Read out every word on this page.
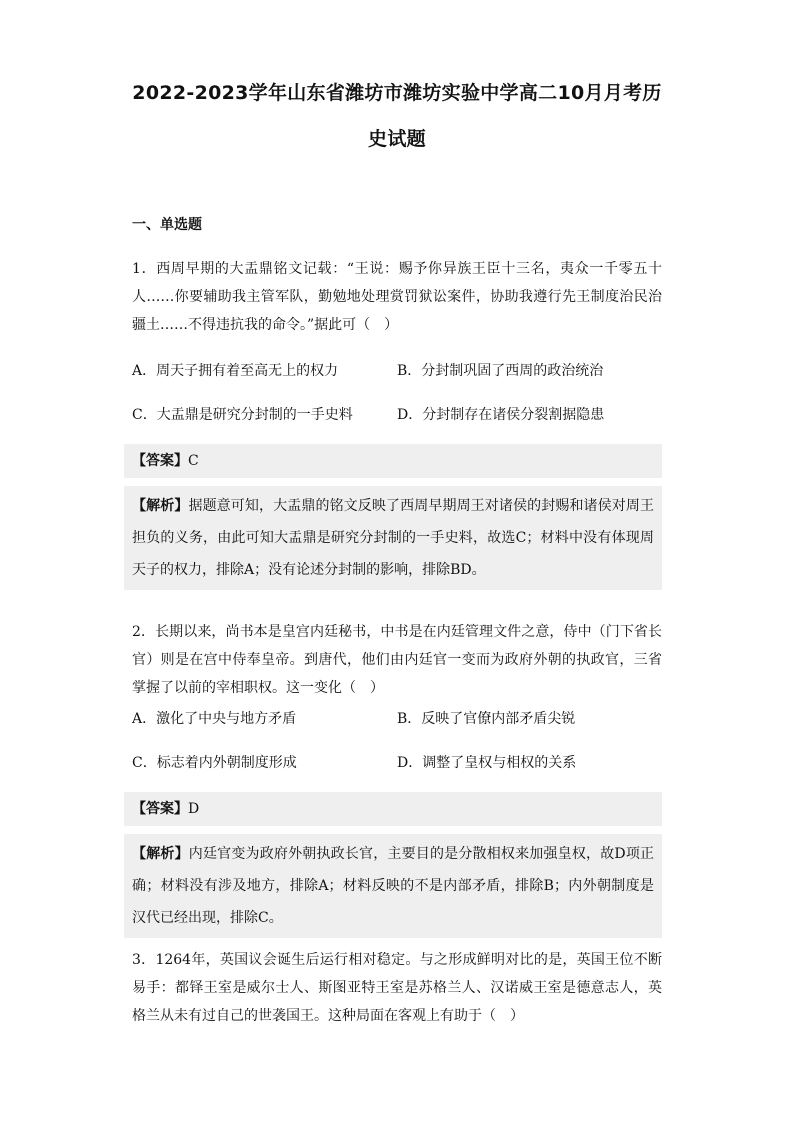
2022-2023学年山东省潍坊市潍坊实验中学高二10月月考历
史试题
一、单选题

1．西周早期的大盂鼎铭文记载：“王说：赐予你异族王臣十三名，夷众一千零五十人……你要辅助我主管军队，勤勉地处理赏罚狱讼案件，协助我遵行先王制度治民治疆土……不得违抗我的命令。”据此可（　）

A．周天子拥有着至高无上的权力	B．分封制巩固了西周的政治统治
C．大盂鼎是研究分封制的一手史料	D．分封制存在诸侯分裂割据隐患
【答案】C
【解析】据题意可知，大盂鼎的铭文反映了西周早期周王对诸侯的封赐和诸侯对周王担负的义务，由此可知大盂鼎是研究分封制的一手史料，故选C；材料中没有体现周天子的权力，排除A；没有论述分封制的影响，排除BD。

2．长期以来，尚书本是皇宫内廷秘书，中书是在内廷管理文件之意，侍中（门下省长官）则是在宫中侍奉皇帝。到唐代，他们由内廷官一变而为政府外朝的执政官，三省掌握了以前的宰相职权。这一变化（　）

A．激化了中央与地方矛盾	B．反映了官僚内部矛盾尖锐
C．标志着内外朝制度形成	D．调整了皇权与相权的关系
【答案】D
【解析】内廷官变为政府外朝执政长官，主要目的是分散相权来加强皇权，故D项正确；材料没有涉及地方，排除A；材料反映的不是内部矛盾，排除B；内外朝制度是汉代已经出现，排除C。

3．1264年，英国议会诞生后运行相对稳定。与之形成鲜明对比的是，英国王位不断易手：都铎王室是威尔士人、斯图亚特王室是苏格兰人、汉诺威王室是德意志人，英格兰从未有过自己的世袭国王。这种局面在客观上有助于（　）
